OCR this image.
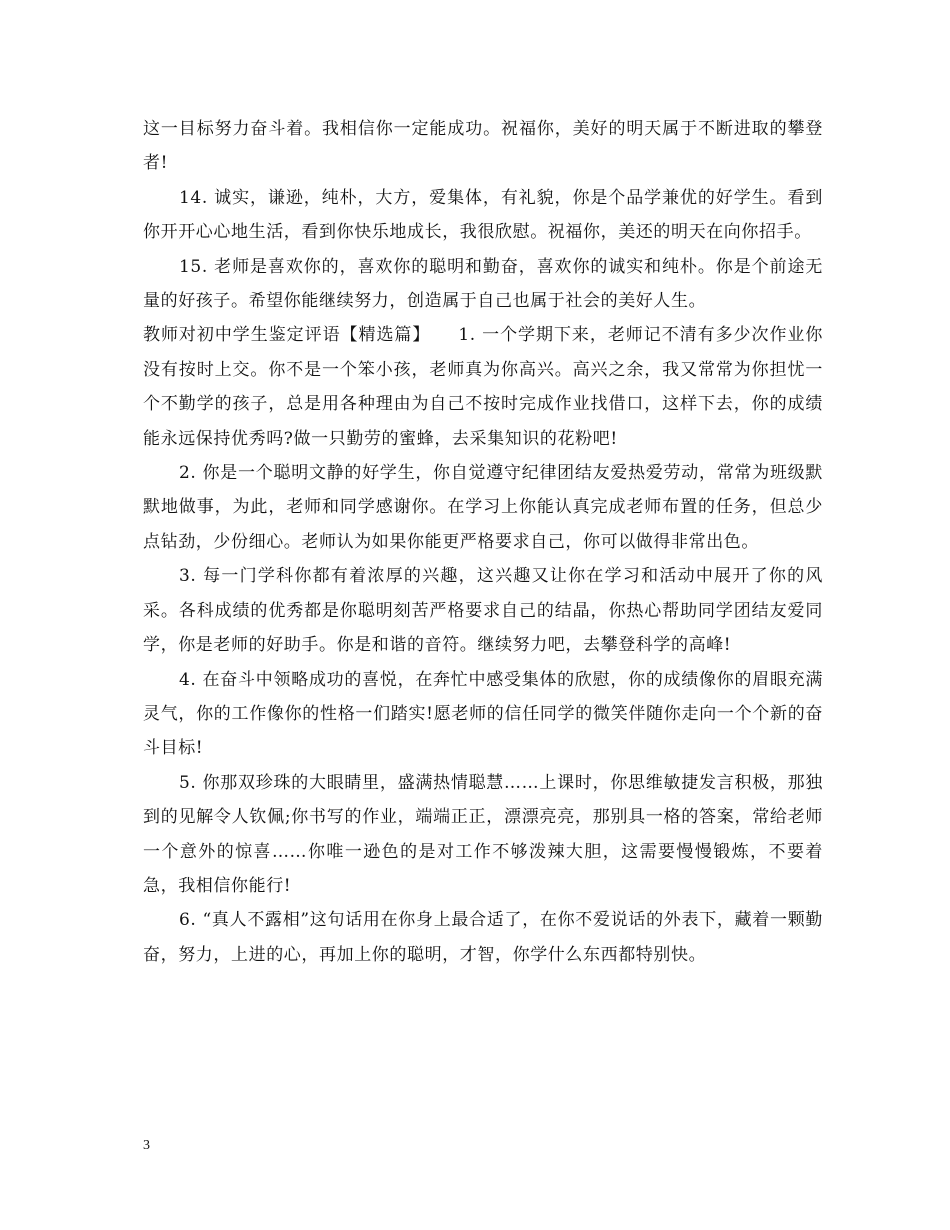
这一目标努力奋斗着。我相信你一定能成功。祝福你，美好的明天属于不断进取的攀登者!

14. 诚实，谦逊，纯朴，大方，爱集体，有礼貌，你是个品学兼优的好学生。看到你开开心心地生活，看到你快乐地成长，我很欣慰。祝福你，美还的明天在向你招手。

15. 老师是喜欢你的，喜欢你的聪明和勤奋，喜欢你的诚实和纯朴。你是个前途无量的好孩子。希望你能继续努力，创造属于自己也属于社会的美好人生。

教师对初中学生鉴定评语【精选篇】 1. 一个学期下来，老师记不清有多少次作业你没有按时上交。你不是一个笨小孩，老师真为你高兴。高兴之余，我又常常为你担忧一个不勤学的孩子，总是用各种理由为自己不按时完成作业找借口，这样下去，你的成绩能永远保持优秀吗?做一只勤劳的蜜蜂，去采集知识的花粉吧!

2. 你是一个聪明文静的好学生，你自觉遵守纪律团结友爱热爱劳动，常常为班级默默地做事，为此，老师和同学感谢你。在学习上你能认真完成老师布置的任务，但总少点钻劲，少份细心。老师认为如果你能更严格要求自己，你可以做得非常出色。

3. 每一门学科你都有着浓厚的兴趣，这兴趣又让你在学习和活动中展开了你的风采。各科成绩的优秀都是你聪明刻苦严格要求自己的结晶，你热心帮助同学团结友爱同学，你是老师的好助手。你是和谐的音符。继续努力吧，去攀登科学的高峰!

4. 在奋斗中领略成功的喜悦，在奔忙中感受集体的欣慰，你的成绩像你的眉眼充满灵气，你的工作像你的性格一们踏实!愿老师的信任同学的微笑伴随你走向一个个新的奋斗目标!

5. 你那双珍珠的大眼睛里，盛满热情聪慧……上课时，你思维敏捷发言积极，那独到的见解令人钦佩;你书写的作业，端端正正，漂漂亮亮，那别具一格的答案，常给老师一个意外的惊喜……你唯一逊色的是对工作不够泼辣大胆，这需要慢慢锻炼，不要着急，我相信你能行!

6. “真人不露相”这句话用在你身上最合适了，在你不爱说话的外表下，藏着一颗勤奋，努力，上进的心，再加上你的聪明，才智，你学什么东西都特别快。

3
